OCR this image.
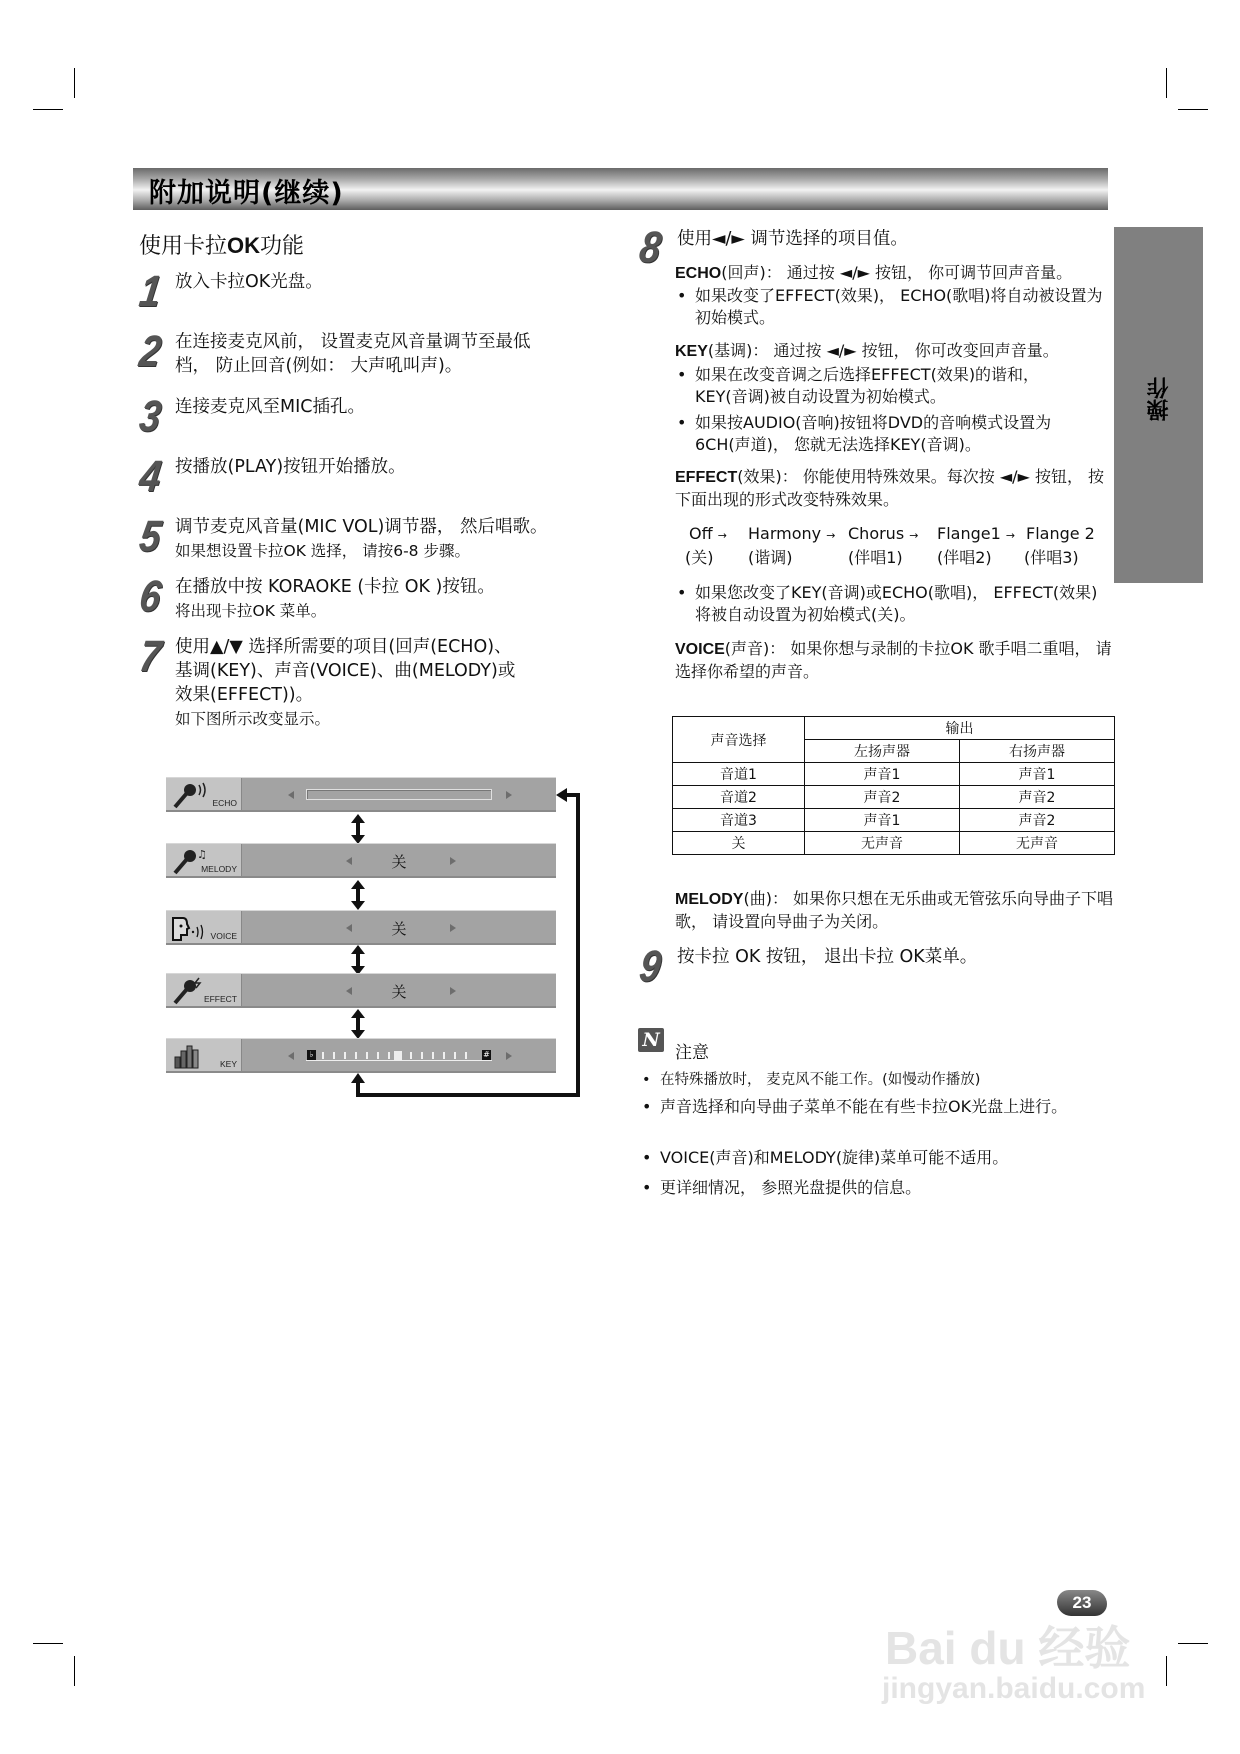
附加说明(继续)
操作
使用卡拉OK功能
1 放入卡拉OK光盘。
2 在连接麦克风前， 设置麦克风音量调节至最低
档， 防止回音(例如： 大声吼叫声)。
3 连接麦克风至MIC插孔。
4 按播放(PLAY)按钮开始播放。
5 调节麦克风音量(MIC VOL)调节器， 然后唱歌。
如果想设置卡拉OK 选择， 请按6-8 步骤。
6 在播放中按 KORAOKE (卡拉 OK )按钮。
将出现卡拉OK 菜单。
7 使用▲/▼ 选择所需要的项目(回声(ECHO)、
基调(KEY)、声音(VOICE)、曲(MELODY)或
效果(EFFECT))。
如下图所示改变显示。
ECHO
♫
MELODY	关
VOICE	关
EFFECT	关
KEY
♭	#
8 使用◄/► 调节选择的项目值。
ECHO(回声)： 通过按 ◄/► 按钮， 你可调节回声音量。
• 如果改变了EFFECT(效果)， ECHO(歌唱)将自动被设置为初始模式。
KEY(基调)： 通过按 ◄/► 按钮， 你可改变回声音量。
• 如果在改变音调之后选择EFFECT(效果)的谐和， KEY(音调)被自动设置为初始模式。
• 如果按AUDIO(音响)按钮将DVD的音响模式设置为6CH(声道)， 您就无法选择KEY(音调)。
EFFECT(效果)： 你能使用特殊效果。每次按 ◄/► 按钮， 按下面出现的形式改变特殊效果。
Off → Harmony → Chorus → Flange1 → Flange 2
(关) (谐调)	(伴唱1) (伴唱2) (伴唱3)
• 如果您改变了KEY(音调)或ECHO(歌唱)， EFFECT(效果)将被自动设置为初始模式(关)。
VOICE(声音)： 如果你想与录制的卡拉OK 歌手唱二重唱， 请选择你希望的声音。
声音选择	输出	
	左扬声器	右扬声器
音道1	声音1	声音1
音道2	声音2	声音2
音道3	声音1	声音2
关	无声音	无声音
MELODY(曲)： 如果你只想在无乐曲或无管弦乐向导曲子下唱歌， 请设置向导曲子为关闭。
9 按卡拉 OK 按钮， 退出卡拉 OK菜单。
N
注意
• 在特殊播放时， 麦克风不能工作。(如慢动作播放)
• 声音选择和向导曲子菜单不能在有些卡拉OK光盘上进行。
• VOICE(声音)和MELODY(旋律)菜单可能不适用。
• 更详细情况， 参照光盘提供的信息。
Bai du 经验
jingyan.baidu.com
23
